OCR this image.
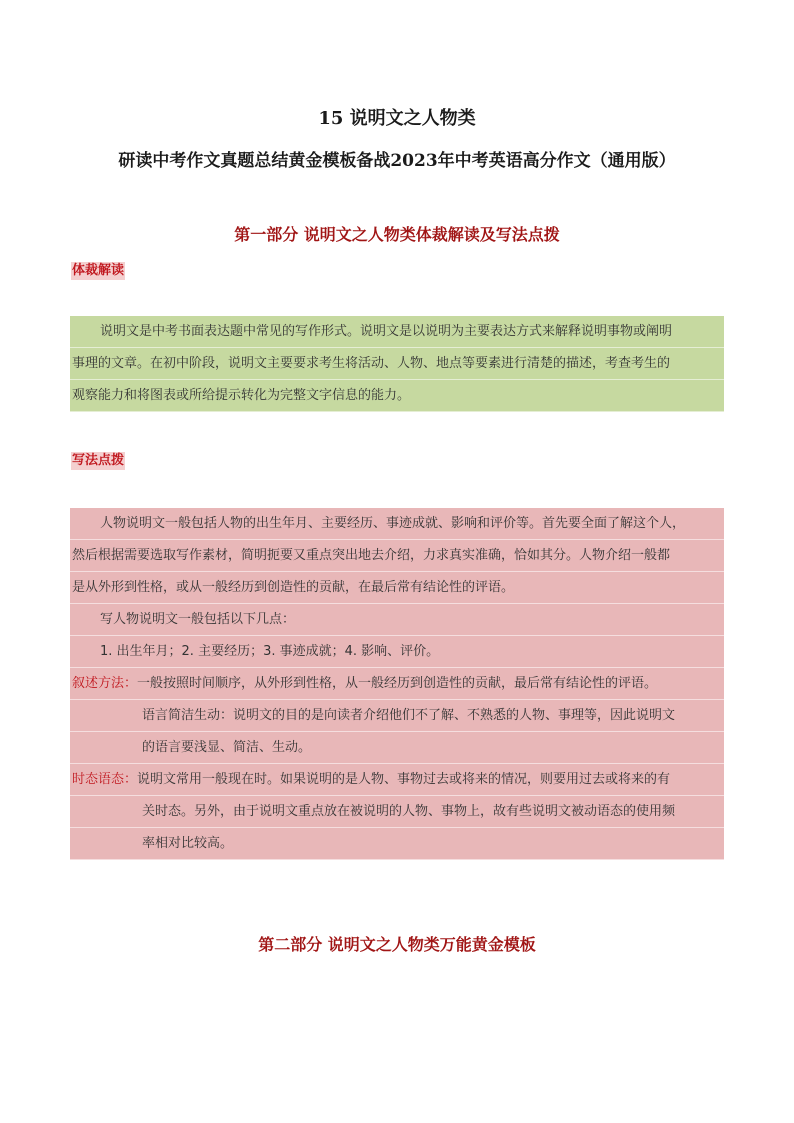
15 说明文之人物类
研读中考作文真题总结黄金模板备战2023年中考英语高分作文（通用版）
第一部分 说明文之人物类体裁解读及写法点拨
体裁解读
说明文是中考书面表达题中常见的写作形式。说明文是以说明为主要表达方式来解释说明事物或阐明
事理的文章。在初中阶段，说明文主要要求考生将活动、人物、地点等要素进行清楚的描述，考查考生的
观察能力和将图表或所给提示转化为完整文字信息的能力。
写法点拨
人物说明文一般包括人物的出生年月、主要经历、事迹成就、影响和评价等。首先要全面了解这个人，
然后根据需要选取写作素材，简明扼要又重点突出地去介绍，力求真实准确，恰如其分。人物介绍一般都
是从外形到性格，或从一般经历到创造性的贡献，在最后常有结论性的评语。
写人物说明文一般包括以下几点：
1. 出生年月；2. 主要经历；3. 事迹成就；4. 影响、评价。
叙述方法：一般按照时间顺序，从外形到性格，从一般经历到创造性的贡献，最后常有结论性的评语。
语言简洁生动：说明文的目的是向读者介绍他们不了解、不熟悉的人物、事理等，因此说明文
的语言要浅显、简洁、生动。
时态语态：说明文常用一般现在时。如果说明的是人物、事物过去或将来的情况，则要用过去或将来的有
关时态。另外，由于说明文重点放在被说明的人物、事物上，故有些说明文被动语态的使用频
率相对比较高。
第二部分 说明文之人物类万能黄金模板
